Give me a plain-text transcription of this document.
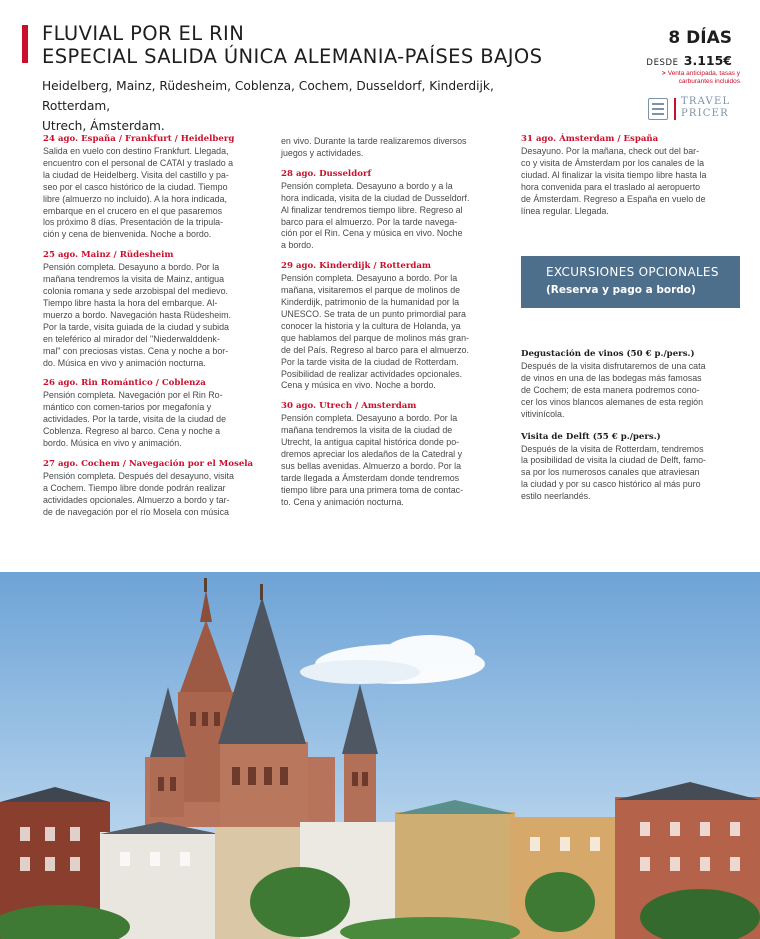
FLUVIAL POR EL RIN
ESPECIAL SALIDA ÚNICA ALEMANIA-PAÍSES BAJOS
Heidelberg, Mainz, Rüdesheim, Coblenza, Cochem, Dusseldorf, Kinderdijk, Rotterdam,
Utrech, Ámsterdam.
8 DÍAS
DESDE 3.115€
> Venta anticipada, tasas y
carburantes incluidos
TRAVEL
PRICER
24 ago. España / Frankfurt / Heidelberg

Salida en vuelo con destino Frankfurt. Llegada,

encuentro con el personal de CATAI y traslado a

la ciudad de Heidelberg. Visita del castillo y pa-

seo por el casco histórico de la ciudad. Tiempo

libre (almuerzo no incluido). A la hora indicada,

embarque en el crucero en el que pasaremos

los próximo 8 días. Presentación de la tripula-

ción y cena de bienvenida. Noche a bordo.

25 ago. Mainz / Rüdesheim

Pensión completa. Desayuno a bordo. Por la

mañana tendremos la visita de Mainz, antigua

colonia romana y sede arzobispal del medievo.

Tiempo libre hasta la hora del embarque. Al-

muerzo a bordo. Navegación hasta Rüdesheim.

Por la tarde, visita guiada de la ciudad y subida

en teleférico al mirador del "Niederwalddenk-

mal" con preciosas vistas. Cena y noche a bor-

do. Música en vivo y animación nocturna.

26 ago. Rin Romántico / Coblenza

Pensión completa. Navegación por el Rin Ro-

mántico con comen-tarios por megafonía y

actividades. Por la tarde, visita de la ciudad de

Coblenza. Regreso al barco. Cena y noche a

bordo. Música en vivo y animación.

27 ago. Cochem / Navegación por el Mosela

Pensión completa. Después del desayuno, visita

a Cochem. Tiempo libre donde podrán realizar

actividades opcionales. Almuerzo a bordo y tar-

de de navegación por el río Mosela con música

en vivo. Durante la tarde realizaremos diversos

juegos y actividades.

28 ago. Dusseldorf

Pensión completa. Desayuno a bordo y a la

hora indicada, visita de la ciudad de Dusseldorf.

Al finalizar tendremos tiempo libre. Regreso al

barco para el almuerzo. Por la tarde navega-

ción por el Rin. Cena y música en vivo. Noche

a bordo.

29 ago. Kinderdijk / Rotterdam

Pensión completa. Desayuno a bordo. Por la

mañana, visitaremos el parque de molinos de

Kinderdijk, patrimonio de la humanidad por la

UNESCO. Se trata de un punto primordial para

conocer la historia y la cultura de Holanda, ya

que hablamos del parque de molinos más gran-

de del País. Regreso al barco para el almuerzo.

Por la tarde visita de la ciudad de Rotterdam.

Posibilidad de realizar actividades opcionales.

Cena y música en vivo. Noche a bordo.

30 ago. Utrech / Amsterdam

Pensión completa. Desayuno a bordo. Por la

mañana tendremos la visita de la ciudad de

Utrecht, la antigua capital histórica donde po-

dremos apreciar los aledaños de la Catedral y

sus bellas avenidas. Almuerzo a bordo. Por la

tarde llegada a Ámsterdam donde tendremos

tiempo libre para una primera toma de contac-

to. Cena y animación nocturna.

31 ago. Ámsterdam / España

Desayuno. Por la mañana, check out del bar-

co y visita de Ámsterdam por los canales de la

ciudad. Al finalizar la visita tiempo libre hasta la

hora convenida para el traslado al aeropuerto

de Ámsterdam. Regreso a España en vuelo de

línea regular. Llegada.

EXCURSIONES OPCIONALES
(Reserva y pago a bordo)
Degustación de vinos (50 € p./pers.)

Después de la visita disfrutaremos de una cata

de vinos en una de las bodegas más famosas

de Cochem; de esta manera podremos cono-

cer los vinos blancos alemanes de esta región

vitivinícola.

Visita de Delft (55 € p./pers.)

Después de la visita de Rotterdam, tendremos

la posibilidad de visita la ciudad de Delft, famo-

sa por los numerosos canales que atraviesan

la ciudad y por su casco histórico al más puro

estilo neerlandés.
